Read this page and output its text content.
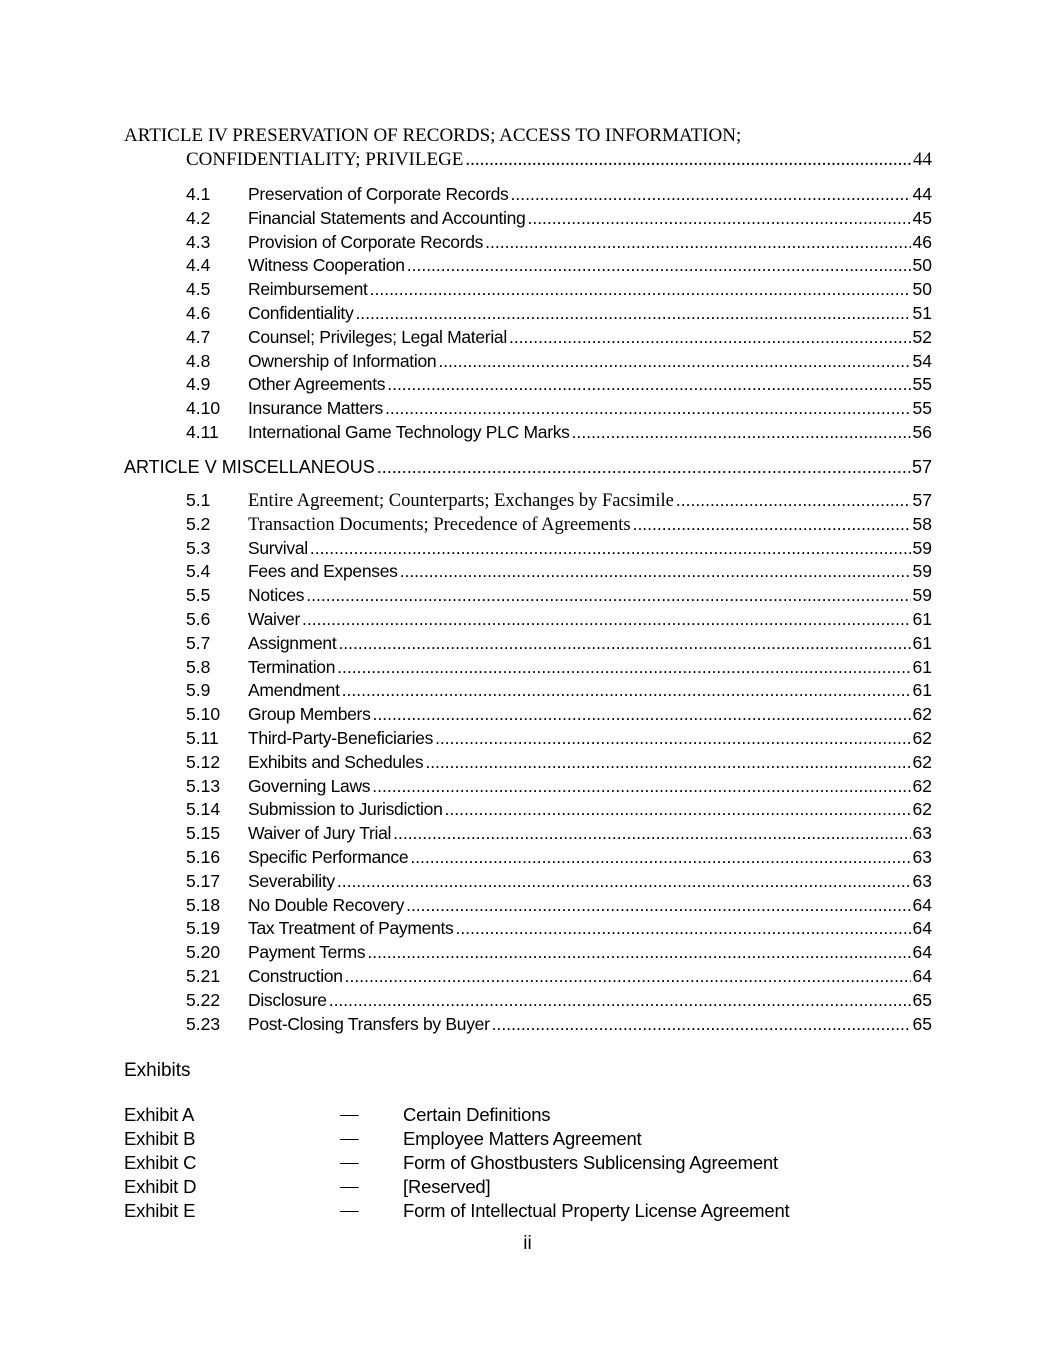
ARTICLE IV PRESERVATION OF RECORDS; ACCESS TO INFORMATION;
CONFIDENTIALITY; PRIVILEGE .....	44
4.1	Preservation of Corporate Records .....	44
4.2	Financial Statements and Accounting .....	45
4.3	Provision of Corporate Records .....	46
4.4	Witness Cooperation .....	50
4.5	Reimbursement .....	50
4.6	Confidentiality .....	51
4.7	Counsel; Privileges; Legal Material .....	52
4.8	Ownership of Information .....	54
4.9	Other Agreements .....	55
4.10	Insurance Matters .....	55
4.11	International Game Technology PLC Marks .....	56
ARTICLE V MISCELLANEOUS .....	57
5.1	Entire Agreement; Counterparts; Exchanges by Facsimile .....	57
5.2	Transaction Documents; Precedence of Agreements .....	58
5.3	Survival .....	59
5.4	Fees and Expenses .....	59
5.5	Notices .....	59
5.6	Waiver .....	61
5.7	Assignment .....	61
5.8	Termination .....	61
5.9	Amendment .....	61
5.10	Group Members .....	62
5.11	Third-Party-Beneficiaries .....	62
5.12	Exhibits and Schedules .....	62
5.13	Governing Laws .....	62
5.14	Submission to Jurisdiction .....	62
5.15	Waiver of Jury Trial .....	63
5.16	Specific Performance .....	63
5.17	Severability .....	63
5.18	No Double Recovery .....	64
5.19	Tax Treatment of Payments .....	64
5.20	Payment Terms .....	64
5.21	Construction .....	64
5.22	Disclosure .....	65
5.23	Post-Closing Transfers by Buyer .....	65
Exhibits
Exhibit A	—	Certain Definitions
Exhibit B	—	Employee Matters Agreement
Exhibit C	—	Form of Ghostbusters Sublicensing Agreement
Exhibit D	—	[Reserved]
Exhibit E	—	Form of Intellectual Property License Agreement
ii
